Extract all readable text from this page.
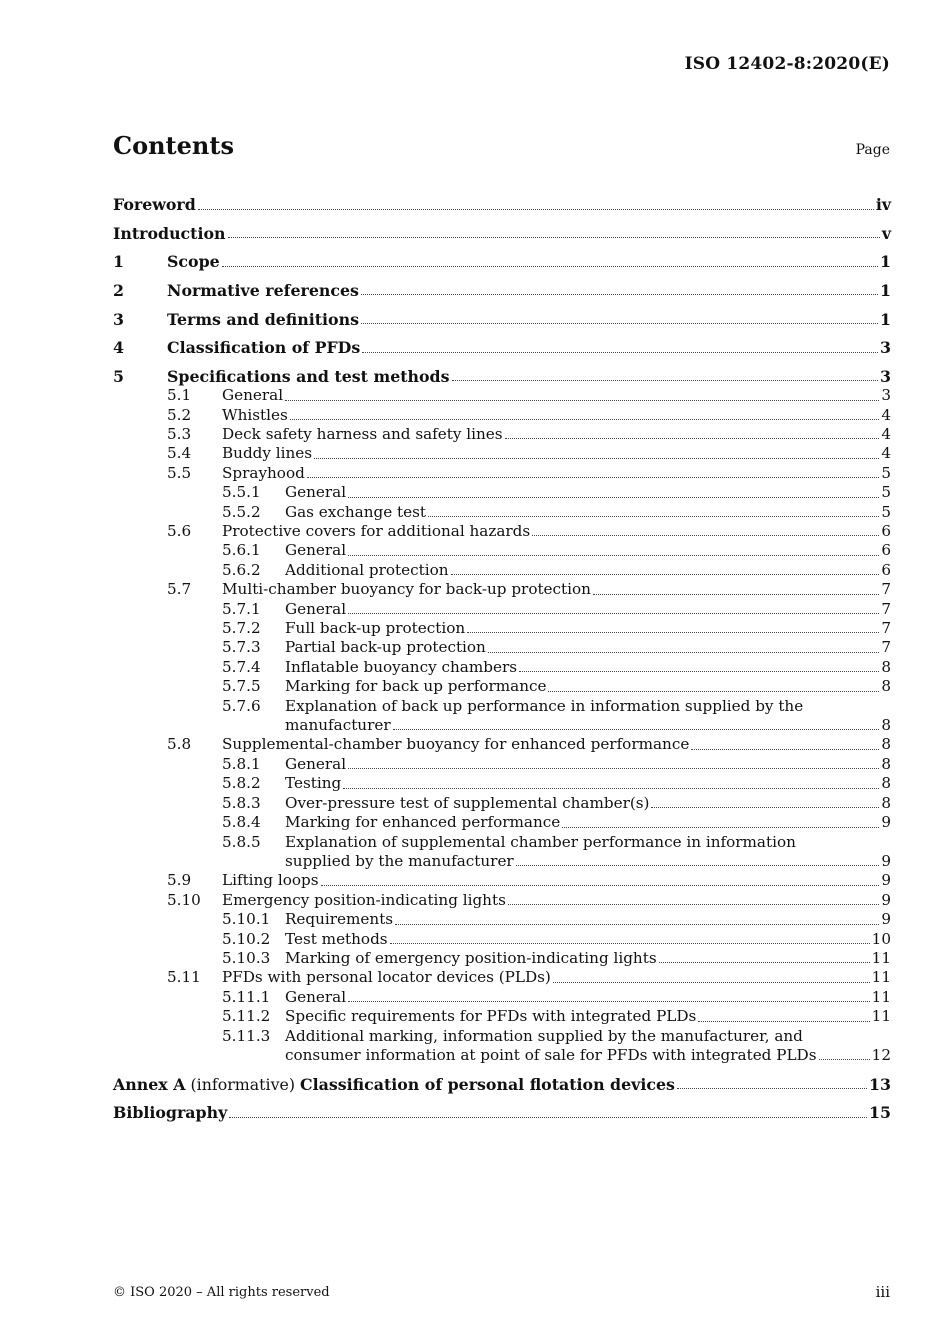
ISO 12402-8:2020(E)
Contents	Page
Foreword	iv
Introduction	v
1	Scope	1
2	Normative references	1
3	Terms and definitions	1
4	Classification of PFDs	3
5	Specifications and test methods	3
5.1	General	3
5.2	Whistles	4
5.3	Deck safety harness and safety lines	4
5.4	Buddy lines	4
5.5	Sprayhood	5
5.5.1	General	5
5.5.2	Gas exchange test	5
5.6	Protective covers for additional hazards	6
5.6.1	General	6
5.6.2	Additional protection	6
5.7	Multi-chamber buoyancy for back-up protection	7
5.7.1	General	7
5.7.2	Full back-up protection	7
5.7.3	Partial back-up protection	7
5.7.4	Inflatable buoyancy chambers	8
5.7.5	Marking for back up performance	8
5.7.6	Explanation of back up performance in information supplied by the
manufacturer	8
5.8	Supplemental-chamber buoyancy for enhanced performance	8
5.8.1	General	8
5.8.2	Testing	8
5.8.3	Over-pressure test of supplemental chamber(s)	8
5.8.4	Marking for enhanced performance	9
5.8.5	Explanation of supplemental chamber performance in information
supplied by the manufacturer	9
5.9	Lifting loops	9
5.10	Emergency position-indicating lights	9
5.10.1 Requirements	9
5.10.2 Test methods	10
5.10.3 Marking of emergency position-indicating lights	11
5.11	PFDs with personal locator devices (PLDs)	11
5.11.1 General	11
5.11.2 Specific requirements for PFDs with integrated PLDs	11
5.11.3 Additional marking, information supplied by the manufacturer, and
consumer information at point of sale for PFDs with integrated PLDs	12
Annex A (informative) Classification of personal flotation devices	13
Bibliography	15
© ISO 2020 – All rights reserved	iii
